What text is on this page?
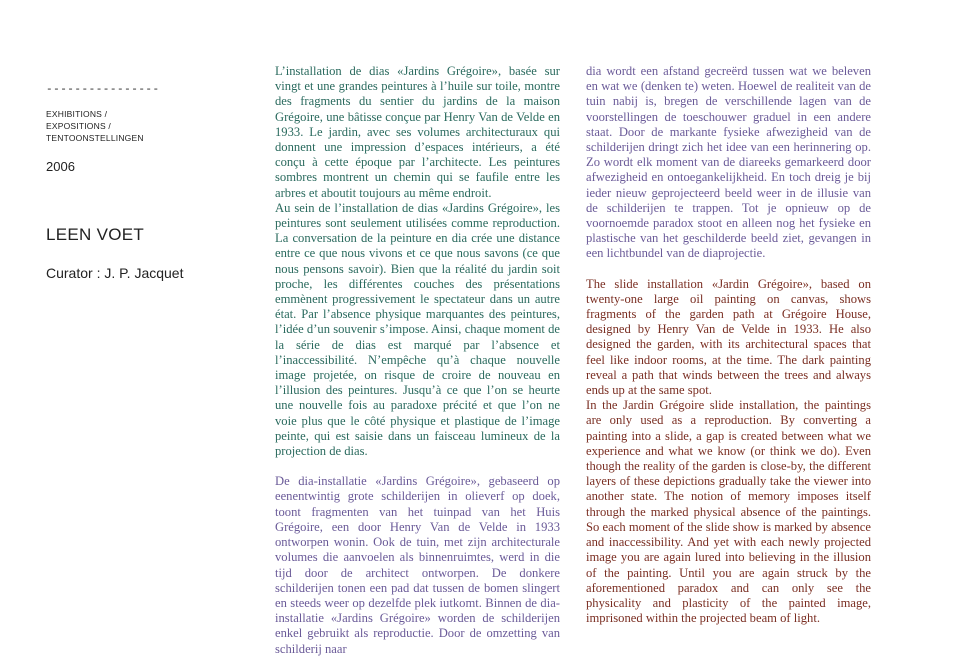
----------------
EXHIBITIONS /
EXPOSITIONS /
TENTOONSTELLINGEN
2006
LEEN VOET
Curator : J. P. Jacquet

L’installation de dias «Jardins Grégoire», basée sur vingt et une grandes peintures à l’huile sur toile, montre des fragments du sentier du jardins de la maison Grégoire, une bâtisse conçue par Henry Van de Velde en 1933. Le jardin, avec ses volumes architecturaux qui donnent une impression d’espaces intérieurs, a été conçu à cette époque par l’architecte. Les peintures sombres montrent un chemin qui se faufile entre les arbres et aboutit toujours au même endroit.

Au sein de l’installation de dias «Jardins Grégoire», les peintures sont seulement utilisées comme reproduction. La conversation de la peinture en dia crée une distance entre ce que nous vivons et ce que nous savons (ce que nous pensons savoir). Bien que la réalité du jardin soit proche, les différentes couches des présentations emmènent progressivement le spectateur dans un autre état. Par l’absence physique marquantes des peintures, l’idée d’un souvenir s’impose. Ainsi, chaque moment de la série de dias est marqué par l’absence et l’inaccessibilité. N’empêche qu’à chaque nouvelle image projetée, on risque de croire de nouveau en l’illusion des peintures. Jusqu’à ce que l’on se heurte une nouvelle fois au paradoxe précité et que l’on ne voie plus que le côté physique et plastique de l’image peinte, qui est saisie dans un faisceau lumineux de la projection de dias.

De dia-installatie «Jardins Grégoire», gebaseerd op eenentwintig grote schilderijen in olieverf op doek, toont fragmenten van het tuinpad van het Huis Grégoire, een door Henry Van de Velde in 1933 ontworpen wonin. Ook de tuin, met zijn architecturale volumes die aanvoelen als binnenruimtes, werd in die tijd door de architect ontworpen. De donkere schilderijen tonen een pad dat tussen de bomen slingert en steeds weer op dezelfde plek iutkomt. Binnen de dia-installatie «Jardins Grégoire» worden de schilderijen enkel gebruikt als reproductie. Door de omzetting van schilderij naar

dia wordt een afstand gecreërd tussen wat we beleven en wat we (denken te) weten. Hoewel de realiteit van de tuin nabij is, bregen de verschillende lagen van de voorstellingen de toeschouwer graduel in een andere staat. Door de markante fysieke afwezigheid van de schilderijen dringt zich het idee van een herinnering op. Zo wordt elk moment van de diareeks gemarkeerd door afwezigheid en ontoegankelijkheid. En toch dreig je bij ieder nieuw geprojecteerd beeld weer in de illusie van de schilderijen te trappen. Tot je opnieuw op de voornoemde paradox stoot en alleen nog het fysieke en plastische van het geschilderde beeld ziet, gevangen in een lichtbundel van de diaprojectie.

The slide installation «Jardin Grégoire», based on twenty-one large oil painting on canvas, shows fragments of the garden path at Grégoire House, designed by Henry Van de Velde in 1933. He also designed the garden, with its architectural spaces that feel like indoor rooms, at the time. The dark painting reveal a path that winds between the trees and always ends up at the same spot.

In the Jardin Grégoire slide installation, the paintings are only used as a reproduction. By converting a painting into a slide, a gap is created between what we experience and what we know (or think we do). Even though the reality of the garden is close-by, the different layers of these depictions gradually take the viewer into another state. The notion of memory imposes itself through the marked physical absence of the paintings. So each moment of the slide show is marked by absence and inaccessibility. And yet with each newly projected image you are again lured into believing in the illusion of the painting. Until you are again struck by the aforementioned paradox and can only see the physicality and plasticity of the painted image, imprisoned within the projected beam of light.
